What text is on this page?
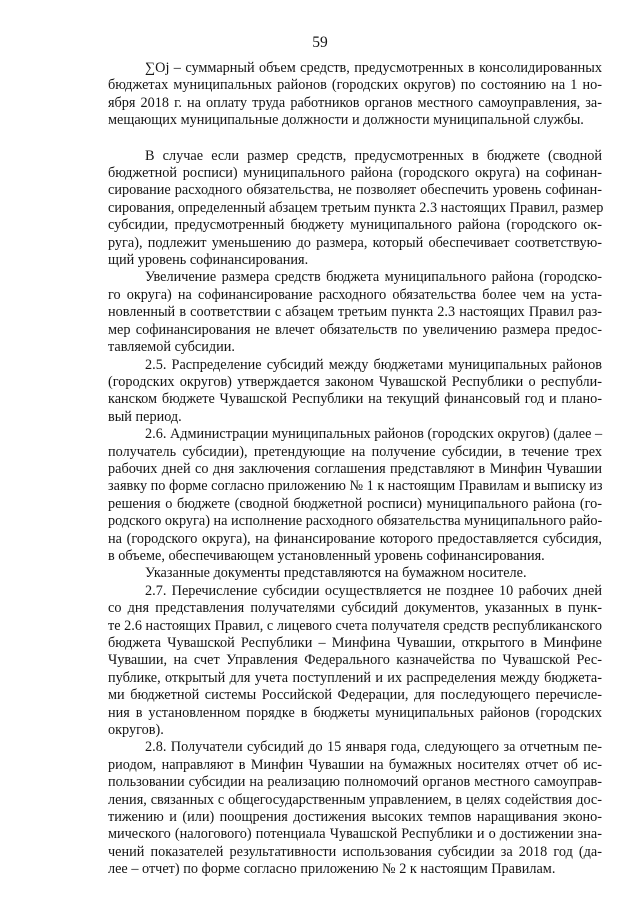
59
∑Oj – суммарный объем средств, предусмотренных в консолидированных
бюджетах муниципальных районов (городских округов) по состоянию на 1 но-
ября 2018 г. на оплату труда работников органов местного самоуправления, за-
мещающих муниципальные должности и должности муниципальной службы.
В случае если размер средств, предусмотренных в бюджете (сводной
бюджетной росписи) муниципального района (городского округа) на софинан-
сирование расходного обязательства, не позволяет обеспечить уровень софинан-
сирования, определенный абзацем третьим пункта 2.3 настоящих Правил, размер
субсидии, предусмотренный бюджету муниципального района (городского ок-
руга), подлежит уменьшению до размера, который обеспечивает соответствую-
щий уровень софинансирования.
Увеличение размера средств бюджета муниципального района (городско-
го округа) на софинансирование расходного обязательства более чем на уста-
новленный в соответствии с абзацем третьим пункта 2.3 настоящих Правил раз-
мер софинансирования не влечет обязательств по увеличению размера предос-
тавляемой субсидии.
2.5. Распределение субсидий между бюджетами муниципальных районов
(городских округов) утверждается законом Чувашской Республики о республи-
канском бюджете Чувашской Республики на текущий финансовый год и плано-
вый период.
2.6. Администрации муниципальных районов (городских округов) (далее –
получатель субсидии), претендующие на получение субсидии, в течение трех
рабочих дней со дня заключения соглашения представляют в Минфин Чувашии
заявку по форме согласно приложению № 1 к настоящим Правилам и выписку из
решения о бюджете (сводной бюджетной росписи) муниципального района (го-
родского округа) на исполнение расходного обязательства муниципального райо-
на (городского округа), на финансирование которого предоставляется субсидия,
в объеме, обеспечивающем установленный уровень софинансирования.
Указанные документы представляются на бумажном носителе.
2.7. Перечисление субсидии осуществляется не позднее 10 рабочих дней
со дня представления получателями субсидий документов, указанных в пунк-
те 2.6 настоящих Правил, с лицевого счета получателя средств республиканского
бюджета Чувашской Республики – Минфина Чувашии, открытого в Минфине
Чувашии, на счет Управления Федерального казначейства по Чувашской Рес-
публике, открытый для учета поступлений и их распределения между бюджета-
ми бюджетной системы Российской Федерации, для последующего перечисле-
ния в установленном порядке в бюджеты муниципальных районов (городских
округов).
2.8. Получатели субсидий до 15 января года, следующего за отчетным пе-
риодом, направляют в Минфин Чувашии на бумажных носителях отчет об ис-
пользовании субсидии на реализацию полномочий органов местного самоуправ-
ления, связанных с общегосударственным управлением, в целях содействия дос-
тижению и (или) поощрения достижения высоких темпов наращивания эконо-
мического (налогового) потенциала Чувашской Республики и о достижении зна-
чений показателей результативности использования субсидии за 2018 год (да-
лее – отчет) по форме согласно приложению № 2 к настоящим Правилам.
